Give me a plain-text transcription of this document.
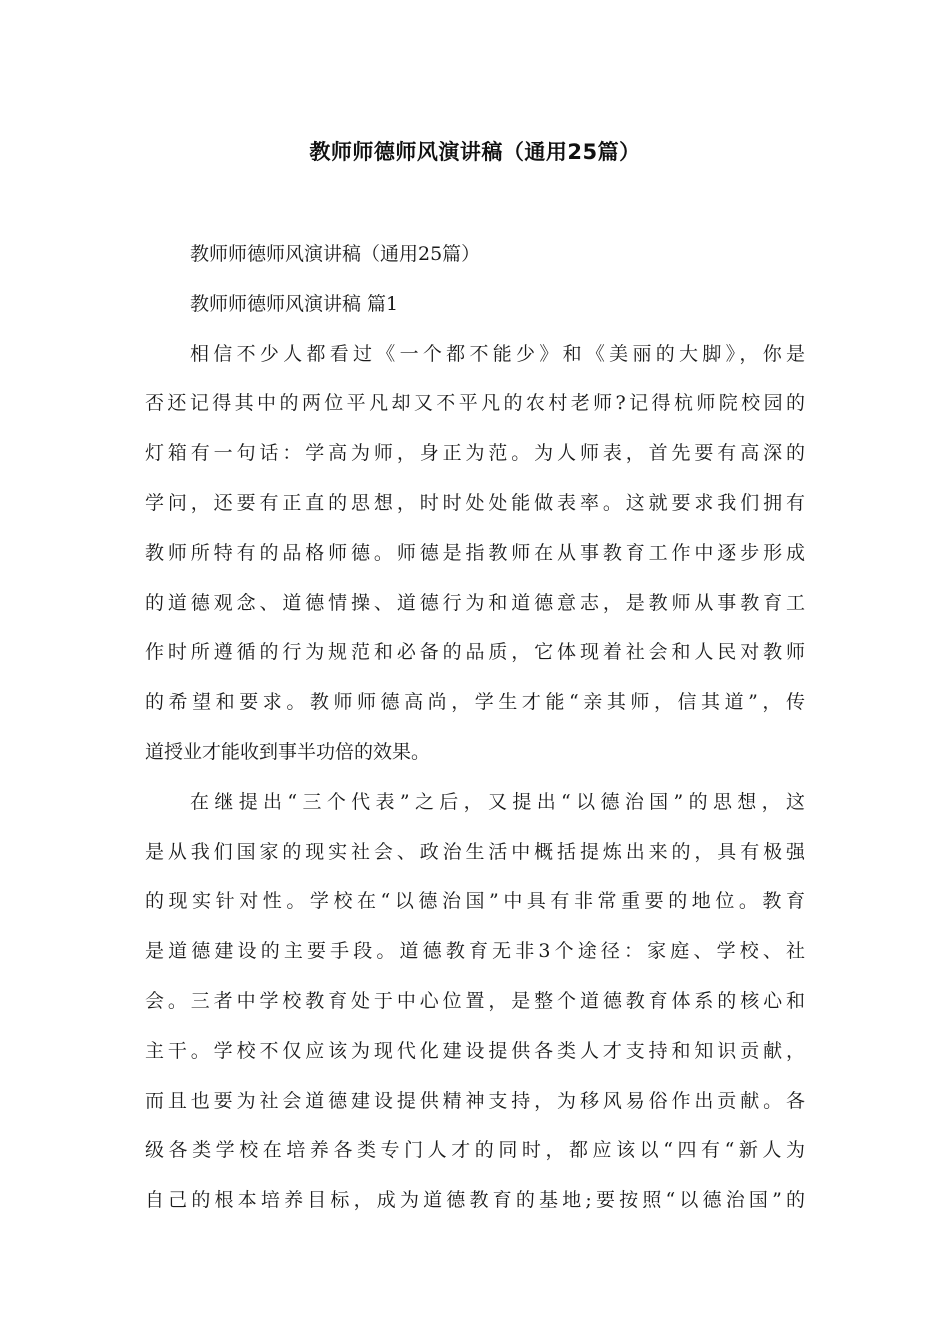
教师师德师风演讲稿（通用25篇）
教师师德师风演讲稿（通用25篇）
教师师德师风演讲稿 篇1
相信不少人都看过《一个都不能少》和《美丽的大脚》，你是
否还记得其中的两位平凡却又不平凡的农村老师?记得杭师院校园的
灯箱有一句话：学高为师，身正为范。为人师表，首先要有高深的
学问，还要有正直的思想，时时处处能做表率。这就要求我们拥有
教师所特有的品格师德。师德是指教师在从事教育工作中逐步形成
的道德观念、道德情操、道德行为和道德意志，是教师从事教育工
作时所遵循的行为规范和必备的品质，它体现着社会和人民对教师
的希望和要求。教师师德高尚，学生才能“亲其师，信其道”，传
道授业才能收到事半功倍的效果。
在继提出“三个代表”之后，又提出“以德治国”的思想，这
是从我们国家的现实社会、政治生活中概括提炼出来的，具有极强
的现实针对性。学校在“以德治国”中具有非常重要的地位。教育
是道德建设的主要手段。道德教育无非3个途径：家庭、学校、社
会。三者中学校教育处于中心位置，是整个道德教育体系的核心和
主干。学校不仅应该为现代化建设提供各类人才支持和知识贡献，
而且也要为社会道德建设提供精神支持，为移风易俗作出贡献。各
级各类学校在培养各类专门人才的同时，都应该以“四有“新人为
自己的根本培养目标，成为道德教育的基地;要按照“以德治国”的
